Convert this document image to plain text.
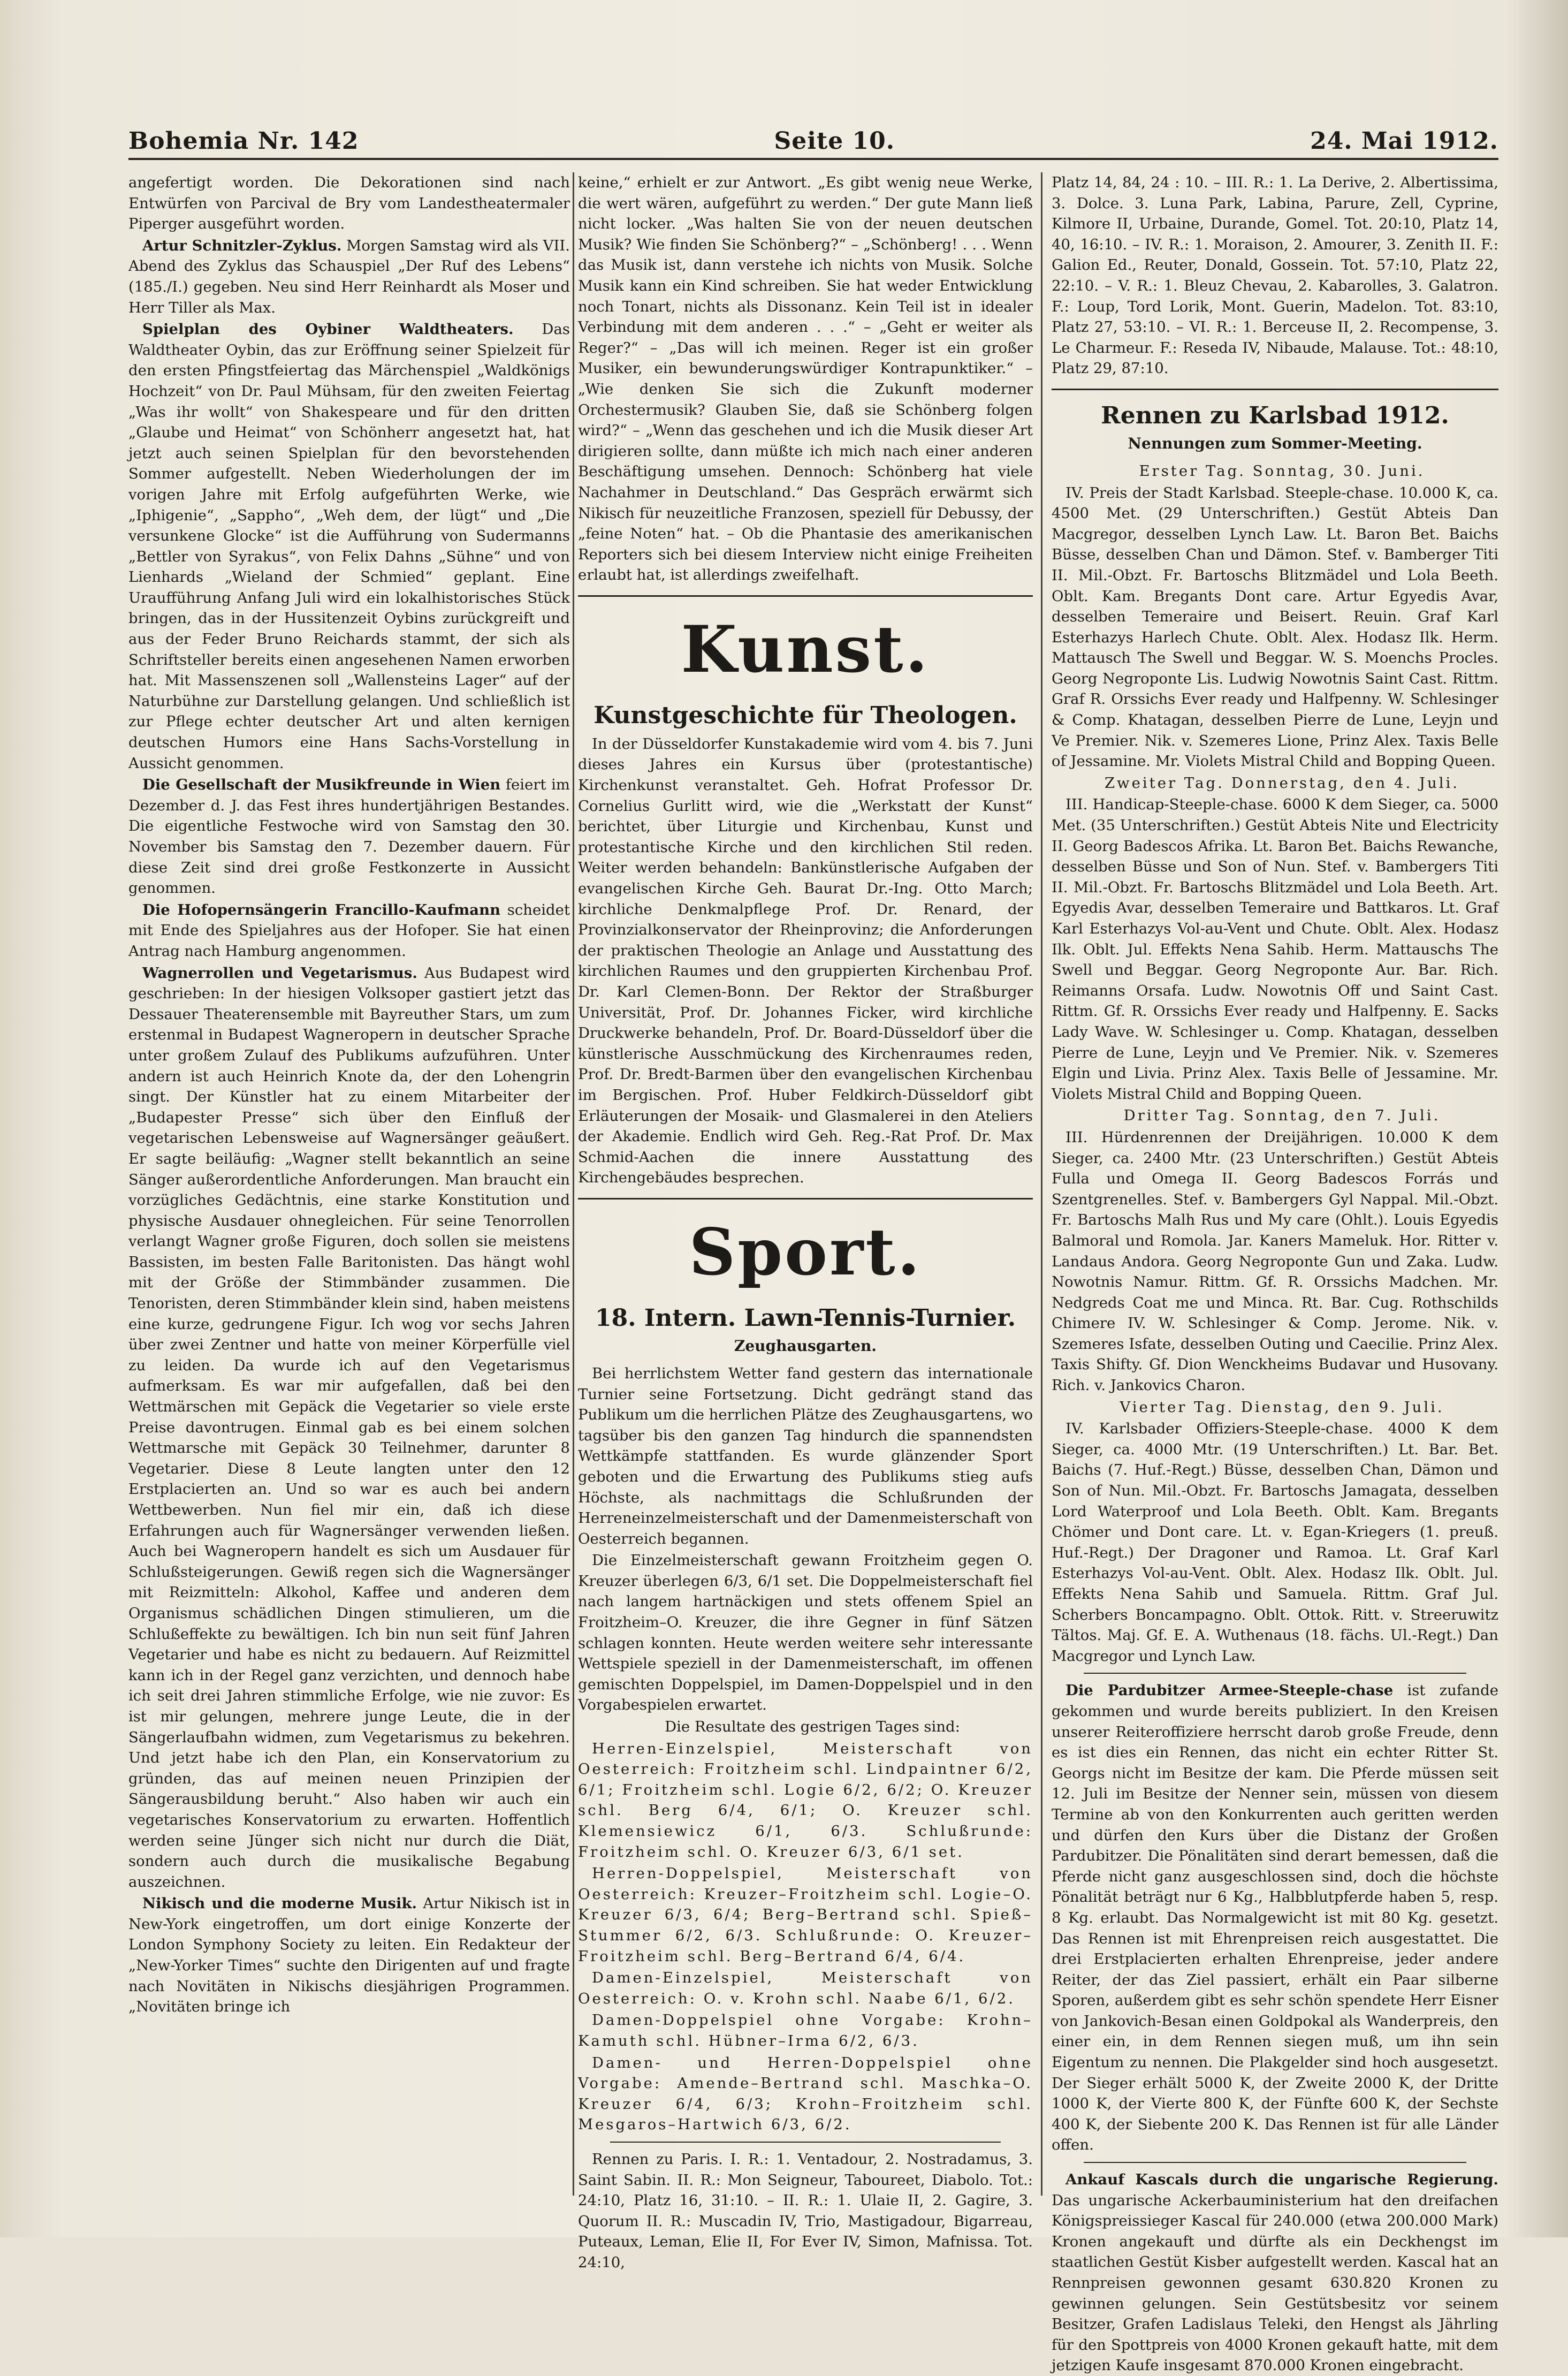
Bohemia Nr. 142	Seite 10.	24. Mai 1912.

angefertigt worden. Die Dekorationen sind nach Entwürfen von Parcival de Bry vom Landestheatermaler Piperger ausgeführt worden.

Artur Schnitzler-Zyklus. Morgen Samstag wird als VII. Abend des Zyklus das Schauspiel „Der Ruf des Lebens“ (185./I.) gegeben. Neu sind Herr Reinhardt als Moser und Herr Tiller als Max.

Spielplan des Oybiner Waldtheaters. Das Waldtheater Oybin, das zur Eröffnung seiner Spielzeit für den ersten Pfingstfeiertag das Märchenspiel „Waldkönigs Hochzeit“ von Dr. Paul Mühsam, für den zweiten Feiertag „Was ihr wollt“ von Shakespeare und für den dritten „Glaube und Heimat“ von Schönherr angesetzt hat, hat jetzt auch seinen Spielplan für den bevorstehenden Sommer aufgestellt. Neben Wiederholungen der im vorigen Jahre mit Erfolg aufgeführten Werke, wie „Iphigenie“, „Sappho“, „Weh dem, der lügt“ und „Die versunkene Glocke“ ist die Aufführung von Sudermanns „Bettler von Syrakus“, von Felix Dahns „Sühne“ und von Lienhards „Wieland der Schmied“ geplant. Eine Uraufführung Anfang Juli wird ein lokalhistorisches Stück bringen, das in der Hussitenzeit Oybins zurückgreift und aus der Feder Bruno Reichards stammt, der sich als Schriftsteller bereits einen angesehenen Namen erworben hat. Mit Massenszenen soll „Wallensteins Lager“ auf der Naturbühne zur Darstellung gelangen. Und schließlich ist zur Pflege echter deutscher Art und alten kernigen deutschen Humors eine Hans Sachs-Vorstellung in Aussicht genommen.

Die Gesellschaft der Musikfreunde in Wien feiert im Dezember d. J. das Fest ihres hundertjährigen Bestandes. Die eigentliche Festwoche wird von Samstag den 30. November bis Samstag den 7. Dezember dauern. Für diese Zeit sind drei große Festkonzerte in Aussicht genommen.

Die Hofopernsängerin Francillo-Kaufmann scheidet mit Ende des Spieljahres aus der Hofoper. Sie hat einen Antrag nach Hamburg angenommen.

Wagnerrollen und Vegetarismus. Aus Budapest wird geschrieben: In der hiesigen Volksoper gastiert jetzt das Dessauer Theaterensemble mit Bayreuther Stars, um zum erstenmal in Budapest Wagneropern in deutscher Sprache unter großem Zulauf des Publikums aufzuführen. Unter andern ist auch Heinrich Knote da, der den Lohengrin singt. Der Künstler hat zu einem Mitarbeiter der „Budapester Presse“ sich über den Einfluß der vegetarischen Lebensweise auf Wagnersänger geäußert. Er sagte beiläufig: „Wagner stellt bekanntlich an seine Sänger außerordentliche Anforderungen. Man braucht ein vorzügliches Gedächtnis, eine starke Konstitution und physische Ausdauer ohnegleichen. Für seine Tenorrollen verlangt Wagner große Figuren, doch sollen sie meistens Bassisten, im besten Falle Baritonisten. Das hängt wohl mit der Größe der Stimmbänder zusammen. Die Tenoristen, deren Stimmbänder klein sind, haben meistens eine kurze, gedrungene Figur. Ich wog vor sechs Jahren über zwei Zentner und hatte von meiner Körperfülle viel zu leiden. Da wurde ich auf den Vegetarismus aufmerksam. Es war mir aufgefallen, daß bei den Wettmärschen mit Gepäck die Vegetarier so viele erste Preise davontrugen. Einmal gab es bei einem solchen Wettmarsche mit Gepäck 30 Teilnehmer, darunter 8 Vegetarier. Diese 8 Leute langten unter den 12 Erstplacierten an. Und so war es auch bei andern Wettbewerben. Nun fiel mir ein, daß ich diese Erfahrungen auch für Wagnersänger verwenden ließen. Auch bei Wagneropern handelt es sich um Ausdauer für Schlußsteigerungen. Gewiß regen sich die Wagnersänger mit Reizmitteln: Alkohol, Kaffee und anderen dem Organismus schädlichen Dingen stimulieren, um die Schlußeffekte zu bewältigen. Ich bin nun seit fünf Jahren Vegetarier und habe es nicht zu bedauern. Auf Reizmittel kann ich in der Regel ganz verzichten, und dennoch habe ich seit drei Jahren stimmliche Erfolge, wie nie zuvor: Es ist mir gelungen, mehrere junge Leute, die in der Sängerlaufbahn widmen, zum Vegetarismus zu bekehren. Und jetzt habe ich den Plan, ein Konservatorium zu gründen, das auf meinen neuen Prinzipien der Sängerausbildung beruht.“ Also haben wir auch ein vegetarisches Konservatorium zu erwarten. Hoffentlich werden seine Jünger sich nicht nur durch die Diät, sondern auch durch die musikalische Begabung auszeichnen.

Nikisch und die moderne Musik. Artur Nikisch ist in New-York eingetroffen, um dort einige Konzerte der London Symphony Society zu leiten. Ein Redakteur der „New-Yorker Times“ suchte den Dirigenten auf und fragte nach Novitäten in Nikischs diesjährigen Programmen. „Novitäten bringe ich

keine,“ erhielt er zur Antwort. „Es gibt wenig neue Werke, die wert wären, aufgeführt zu werden.“ Der gute Mann ließ nicht locker. „Was halten Sie von der neuen deutschen Musik? Wie finden Sie Schönberg?“ – „Schönberg! . . . Wenn das Musik ist, dann verstehe ich nichts von Musik. Solche Musik kann ein Kind schreiben. Sie hat weder Entwicklung noch Tonart, nichts als Dissonanz. Kein Teil ist in idealer Verbindung mit dem anderen . . .“ – „Geht er weiter als Reger?“ – „Das will ich meinen. Reger ist ein großer Musiker, ein bewunderungswürdiger Kontrapunktiker.“ – „Wie denken Sie sich die Zukunft moderner Orchestermusik? Glauben Sie, daß sie Schönberg folgen wird?“ – „Wenn das geschehen und ich die Musik dieser Art dirigieren sollte, dann müßte ich mich nach einer anderen Beschäftigung umsehen. Dennoch: Schönberg hat viele Nachahmer in Deutschland.“ Das Gespräch erwärmt sich Nikisch für neuzeitliche Franzosen, speziell für Debussy, der „feine Noten“ hat. – Ob die Phantasie des amerikanischen Reporters sich bei diesem Interview nicht einige Freiheiten erlaubt hat, ist allerdings zweifelhaft.

Kunst.
Kunstgeschichte für Theologen.

In der Düsseldorfer Kunstakademie wird vom 4. bis 7. Juni dieses Jahres ein Kursus über (protestantische) Kirchenkunst veranstaltet. Geh. Hofrat Professor Dr. Cornelius Gurlitt wird, wie die „Werkstatt der Kunst“ berichtet, über Liturgie und Kirchenbau, Kunst und protestantische Kirche und den kirchlichen Stil reden. Weiter werden behandeln: Bankünstlerische Aufgaben der evangelischen Kirche Geh. Baurat Dr.-Ing. Otto March; kirchliche Denkmalpflege Prof. Dr. Renard, der Provinzialkonservator der Rheinprovinz; die Anforderungen der praktischen Theologie an Anlage und Ausstattung des kirchlichen Raumes und den gruppierten Kirchenbau Prof. Dr. Karl Clemen-Bonn. Der Rektor der Straßburger Universität, Prof. Dr. Johannes Ficker, wird kirchliche Druckwerke behandeln, Prof. Dr. Board-Düsseldorf über die künstlerische Ausschmückung des Kirchenraumes reden, Prof. Dr. Bredt-Barmen über den evangelischen Kirchenbau im Bergischen. Prof. Huber Feldkirch-Düsseldorf gibt Erläuterungen der Mosaik- und Glasmalerei in den Ateliers der Akademie. Endlich wird Geh. Reg.-Rat Prof. Dr. Max Schmid-Aachen die innere Ausstattung des Kirchengebäudes besprechen.

Sport.
18. Intern. Lawn-Tennis-Turnier.
Zeughausgarten.

Bei herrlichstem Wetter fand gestern das internationale Turnier seine Fortsetzung. Dicht gedrängt stand das Publikum um die herrlichen Plätze des Zeughausgartens, wo tagsüber bis den ganzen Tag hindurch die spannendsten Wettkämpfe stattfanden. Es wurde glänzender Sport geboten und die Erwartung des Publikums stieg aufs Höchste, als nachmittags die Schlußrunden der Herreneinzelmeisterschaft und der Damenmeisterschaft von Oesterreich begannen.

Die Einzelmeisterschaft gewann Froitzheim gegen O. Kreuzer überlegen 6/3, 6/1 set. Die Doppelmeisterschaft fiel nach langem hartnäckigen und stets offenem Spiel an Froitzheim–O. Kreuzer, die ihre Gegner in fünf Sätzen schlagen konnten. Heute werden weitere sehr interessante Wettspiele speziell in der Damenmeisterschaft, im offenen gemischten Doppelspiel, im Damen-Doppelspiel und in den Vorgabespielen erwartet.

Die Resultate des gestrigen Tages sind:

Herren-Einzelspiel, Meisterschaft von Oesterreich: Froitzheim schl. Lindpaintner 6/2, 6/1; Froitzheim schl. Logie 6/2, 6/2; O. Kreuzer schl. Berg 6/4, 6/1; O. Kreuzer schl. Klemensiewicz 6/1, 6/3. Schlußrunde: Froitzheim schl. O. Kreuzer 6/3, 6/1 set.

Herren-Doppelspiel, Meisterschaft von Oesterreich: Kreuzer–Froitzheim schl. Logie–O. Kreuzer 6/3, 6/4; Berg–Bertrand schl. Spieß–Stummer 6/2, 6/3. Schlußrunde: O. Kreuzer–Froitzheim schl. Berg–Bertrand 6/4, 6/4.

Damen-Einzelspiel, Meisterschaft von Oesterreich: O. v. Krohn schl. Naabe 6/1, 6/2.

Damen-Doppelspiel ohne Vorgabe: Krohn–Kamuth schl. Hübner–Irma 6/2, 6/3.

Damen- und Herren-Doppelspiel ohne Vorgabe: Amende–Bertrand schl. Maschka–O. Kreuzer 6/4, 6/3; Krohn–Froitzheim schl. Mesgaros–Hartwich 6/3, 6/2.

Rennen zu Paris. I. R.: 1. Ventadour, 2. Nostradamus, 3. Saint Sabin. II. R.: Mon Seigneur, Taboureet, Diabolo. Tot.: 24:10, Platz 16, 31:10. – II. R.: 1. Ulaie II, 2. Gagire, 3. Quorum II. R.: Muscadin IV, Trio, Mastigadour, Bigarreau, Puteaux, Leman, Elie II, For Ever IV, Simon, Mafnissa. Tot. 24:10,

Platz 14, 84, 24 : 10. – III. R.: 1. La Derive, 2. Albertissima, 3. Dolce. 3. Luna Park, Labina, Parure, Zell, Cyprine, Kilmore II, Urbaine, Durande, Gomel. Tot. 20:10, Platz 14, 40, 16:10. – IV. R.: 1. Moraison, 2. Amourer, 3. Zenith II. F.: Galion Ed., Reuter, Donald, Gossein. Tot. 57:10, Platz 22, 22:10. – V. R.: 1. Bleuz Chevau, 2. Kabarolles, 3. Galatron. F.: Loup, Tord Lorik, Mont. Guerin, Madelon. Tot. 83:10, Platz 27, 53:10. – VI. R.: 1. Berceuse II, 2. Recompense, 3. Le Charmeur. F.: Reseda IV, Nibaude, Malause. Tot.: 48:10, Platz 29, 87:10.

Rennen zu Karlsbad 1912.
Nennungen zum Sommer-Meeting.

Erster Tag. Sonntag, 30. Juni.

IV. Preis der Stadt Karlsbad. Steeple-chase. 10.000 K, ca. 4500 Met. (29 Unterschriften.) Gestüt Abteis Dan Macgregor, desselben Lynch Law. Lt. Baron Bet. Baichs Büsse, desselben Chan und Dämon. Stef. v. Bamberger Titi II. Mil.-Obzt. Fr. Bartoschs Blitzmädel und Lola Beeth. Oblt. Kam. Bregants Dont care. Artur Egyedis Avar, desselben Temeraire und Beisert. Reuin. Graf Karl Esterhazys Harlech Chute. Oblt. Alex. Hodasz Ilk. Herm. Mattausch The Swell und Beggar. W. S. Moenchs Procles. Georg Negroponte Lis. Ludwig Nowotnis Saint Cast. Rittm. Graf R. Orssichs Ever ready und Halfpenny. W. Schlesinger & Comp. Khatagan, desselben Pierre de Lune, Leyjn und Ve Premier. Nik. v. Szemeres Lione, Prinz Alex. Taxis Belle of Jessamine. Mr. Violets Mistral Child and Bopping Queen.

Zweiter Tag. Donnerstag, den 4. Juli.

III. Handicap-Steeple-chase. 6000 K dem Sieger, ca. 5000 Met. (35 Unterschriften.) Gestüt Abteis Nite und Electricity II. Georg Badescos Afrika. Lt. Baron Bet. Baichs Rewanche, desselben Büsse und Son of Nun. Stef. v. Bambergers Titi II. Mil.-Obzt. Fr. Bartoschs Blitzmädel und Lola Beeth. Art. Egyedis Avar, desselben Temeraire und Battkaros. Lt. Graf Karl Esterhazys Vol-au-Vent und Chute. Oblt. Alex. Hodasz Ilk. Oblt. Jul. Effekts Nena Sahib. Herm. Mattauschs The Swell und Beggar. Georg Negroponte Aur. Bar. Rich. Reimanns Orsafa. Ludw. Nowotnis Off und Saint Cast. Rittm. Gf. R. Orssichs Ever ready und Halfpenny. E. Sacks Lady Wave. W. Schlesinger u. Comp. Khatagan, desselben Pierre de Lune, Leyjn und Ve Premier. Nik. v. Szemeres Elgin und Livia. Prinz Alex. Taxis Belle of Jessamine. Mr. Violets Mistral Child and Bopping Queen.

Dritter Tag. Sonntag, den 7. Juli.

III. Hürdenrennen der Dreijährigen. 10.000 K dem Sieger, ca. 2400 Mtr. (23 Unterschriften.) Gestüt Abteis Fulla und Omega II. Georg Badescos Forrás und Szentgrenelles. Stef. v. Bambergers Gyl Nappal. Mil.-Obzt. Fr. Bartoschs Malh Rus und My care (Ohlt.). Louis Egyedis Balmoral und Romola. Jar. Kaners Mameluk. Hor. Ritter v. Landaus Andora. Georg Negroponte Gun und Zaka. Ludw. Nowotnis Namur. Rittm. Gf. R. Orssichs Madchen. Mr. Nedgreds Coat me und Minca. Rt. Bar. Cug. Rothschilds Chimere IV. W. Schlesinger & Comp. Jerome. Nik. v. Szemeres Isfate, desselben Outing und Caecilie. Prinz Alex. Taxis Shifty. Gf. Dion Wenckheims Budavar und Husovany. Rich. v. Jankovics Charon.

Vierter Tag. Dienstag, den 9. Juli.

IV. Karlsbader Offiziers-Steeple-chase. 4000 K dem Sieger, ca. 4000 Mtr. (19 Unterschriften.) Lt. Bar. Bet. Baichs (7. Huf.-Regt.) Büsse, desselben Chan, Dämon und Son of Nun. Mil.-Obzt. Fr. Bartoschs Jamagata, desselben Lord Waterproof und Lola Beeth. Oblt. Kam. Bregants Chömer und Dont care. Lt. v. Egan-Kriegers (1. preuß. Huf.-Regt.) Der Dragoner und Ramoa. Lt. Graf Karl Esterhazys Vol-au-Vent. Oblt. Alex. Hodasz Ilk. Oblt. Jul. Effekts Nena Sahib und Samuela. Rittm. Graf Jul. Scherbers Boncampagno. Oblt. Ottok. Ritt. v. Streeruwitz Tältos. Maj. Gf. E. A. Wuthenaus (18. fächs. Ul.-Regt.) Dan Macgregor und Lynch Law.

Die Pardubitzer Armee-Steeple-chase ist zufande gekommen und wurde bereits publiziert. In den Kreisen unserer Reiteroffiziere herrscht darob große Freude, denn es ist dies ein Rennen, das nicht ein echter Ritter St. Georgs nicht im Besitze der kam. Die Pferde müssen seit 12. Juli im Besitze der Nenner sein, müssen von diesem Termine ab von den Konkurrenten auch geritten werden und dürfen den Kurs über die Distanz der Großen Pardubitzer. Die Pönalitäten sind derart bemessen, daß die Pferde nicht ganz ausgeschlossen sind, doch die höchste Pönalität beträgt nur 6 Kg., Halbblutpferde haben 5, resp. 8 Kg. erlaubt. Das Normalgewicht ist mit 80 Kg. gesetzt. Das Rennen ist mit Ehrenpreisen reich ausgestattet. Die drei Erstplacierten erhalten Ehrenpreise, jeder andere Reiter, der das Ziel passiert, erhält ein Paar silberne Sporen, außerdem gibt es sehr schön spendete Herr Eisner von Jankovich-Besan einen Goldpokal als Wanderpreis, den einer ein, in dem Rennen siegen muß, um ihn sein Eigentum zu nennen. Die Plakgelder sind hoch ausgesetzt. Der Sieger erhält 5000 K, der Zweite 2000 K, der Dritte 1000 K, der Vierte 800 K, der Fünfte 600 K, der Sechste 400 K, der Siebente 200 K. Das Rennen ist für alle Länder offen.

Ankauf Kascals durch die ungarische Regierung. Das ungarische Ackerbauministerium hat den dreifachen Königspreissieger Kascal für 240.000 (etwa 200.000 Mark) Kronen angekauft und dürfte als ein Deckhengst im staatlichen Gestüt Kisber aufgestellt werden. Kascal hat an Rennpreisen gewonnen gesamt 630.820 Kronen zu gewinnen gelungen. Sein Gestütsbesitz vor seinem Besitzer, Grafen Ladislaus Teleki, den Hengst als Jährling für den Spottpreis von 4000 Kronen gekauft hatte, mit dem jetzigen Kaufe insgesamt 870.000 Kronen eingebracht.
